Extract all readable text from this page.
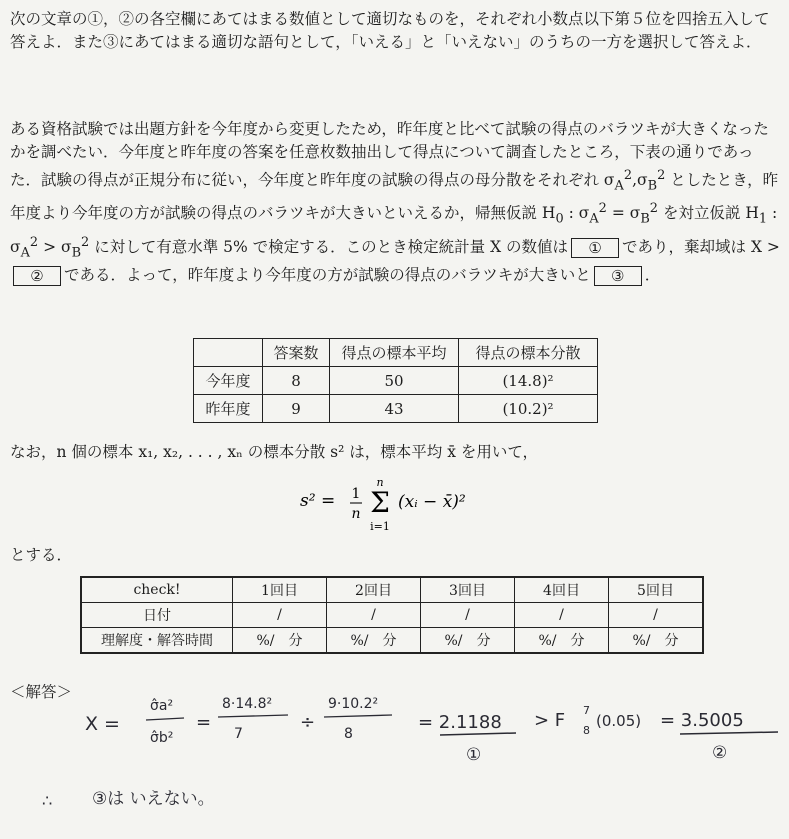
次の文章の①，②の各空欄にあてはまる数値として適切なものを，それぞれ小数点以下第５位を四捨五入して答えよ．また③にあてはまる適切な語句として，「いえる」と「いえない」のうちの一方を選択して答えよ．

ある資格試験では出題方針を今年度から変更したため，昨年度と比べて試験の得点のバラツキが大きくなったかを調べたい．今年度と昨年度の答案を任意枚数抽出して得点について調査したところ，下表の通りであった．試験の得点が正規分布に従い，今年度と昨年度の試験の得点の母分散をそれぞれ $\sigma_A^2,\sigma_B^2$ としたとき，昨年度より今年度の方が試験の得点のバラツキが大きいといえるか，帰無仮説 $H_0$ : $\sigma_A^2 = \sigma_B^2$ を対立仮説 $H_1$ : $\sigma_A^2 > \sigma_B^2$ に対して有意水準 5% で検定する．このとき検定統計量 X の数値は ① であり，棄却域は X >② である．よって，昨年度より今年度の方が試験の得点のバラツキが大きいと ③ ．

	答案数	得点の標本平均	得点の標本分散
今年度	8	50	(14.8)²
昨年度	9	43	(10.2)²
なお，n 個の標本 x₁, x₂, . . . , xₙ の標本分散 s² は，標本平均 x̄ を用いて，
s² = 1
n
n
Σ
i=1
(xᵢ − x̄)²
とする．
check!	1回目	2回目	3回目	4回目	5回目
日付	/	/	/	/	/
理解度・解答時間	%/　分	%/　分	%/　分	%/　分	%/　分
＜解答＞
X =
σ̂a²
σ̂b²
=
8·14.8²
7
÷
9·10.2²
8
= 2.1188
①
> F 7
8
(0.05) = 3.5005
②
∴ ③は いえない。
